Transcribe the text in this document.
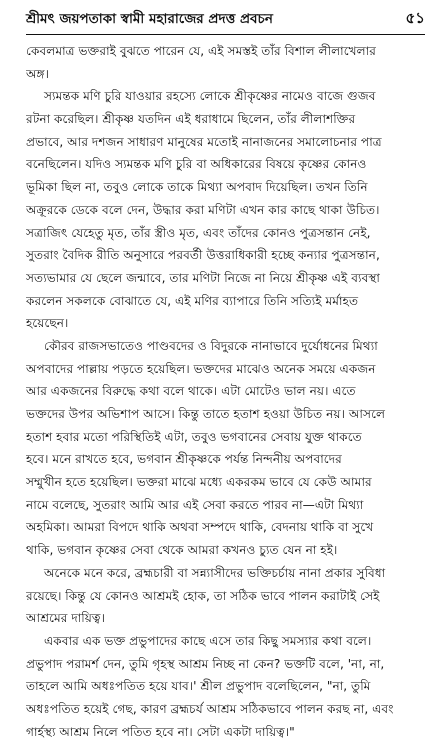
শ্রীমৎ জয়পতাকা স্বামী মহারাজের প্রদত্ত প্রবচন	৫১
কেবলমাত্র ভক্তরাই বুঝতে পারেন যে, এই সমস্তই তাঁর বিশাল লীলাখেলার
অঙ্গ।
স্যমন্তক মণি চুরি যাওয়ার রহস্যে লোকে শ্রীকৃষ্ণের নামেও বাজে গুজব
রটনা করেছিল। শ্রীকৃষ্ণ যতদিন এই ধরাধামে ছিলেন, তাঁর লীলাশক্তির
প্রভাবে, আর দশজন সাধারণ মানুষের মতোই নানাজনের সমালোচনার পাত্র
বনেছিলেন। যদিও স্যমন্তক মণি চুরি বা অধিকারের বিষয়ে কৃষ্ণের কোনও
ভূমিকা ছিল না, তবুও লোকে তাকে মিথ্যা অপবাদ দিয়েছিল। তখন তিনি
অক্রূরকে ডেকে বলে দেন, উদ্ধার করা মণিটা এখন কার কাছে থাকা উচিত।
সত্রাজিৎ যেহেতু মৃত, তাঁর স্ত্রীও মৃত, এবং তাঁদের কোনও পুত্রসন্তান নেই,
সুতরাং বৈদিক রীতি অনুসারে পরবর্তী উত্তরাধিকারী হচ্ছে কন্যার পুত্রসন্তান,
সত্যভামার যে ছেলে জন্মাবে, তার মণিটা নিজে না নিয়ে শ্রীকৃষ্ণ এই ব্যবস্থা
করলেন সকলকে বোঝাতে যে, এই মণির ব্যাপারে তিনি সত্যিই মর্মাহত
হয়েছেন।
কৌরব রাজসভাতেও পাণ্ডবদের ও বিদুরকে নানাভাবে দুর্যোধনের মিথ্যা
অপবাদের পাল্লায় পড়তে হয়েছিল। ভক্তদের মাঝেও অনেক সময়ে একজন
আর একজনের বিরুদ্ধে কথা বলে থাকে। এটা মোটেও ভাল নয়। এতে
ভক্তদের উপর অভিশাপ আসে। কিন্তু তাতে হতাশ হওয়া উচিত নয়। আসলে
হতাশ হবার মতো পরিস্থিতিই এটা, তবুও ভগবানের সেবায় যুক্ত থাকতে
হবে। মনে রাখতে হবে, ভগবান শ্রীকৃষ্ণকে পর্যন্ত নিন্দনীয় অপবাদের
সম্মুখীন হতে হয়েছিল। ভক্তরা মাঝে মধ্যে একরকম ভাবে যে কেউ আমার
নামে বলেছে, সুতরাং আমি আর এই সেবা করতে পারব না—এটা মিথ্যা
অহমিকা। আমরা বিপদে থাকি অথবা সম্পদে থাকি, বেদনায় থাকি বা সুখে
থাকি, ভগবান কৃষ্ণের সেবা থেকে আমরা কখনও চ্যুত যেন না হই।
অনেকে মনে করে, ব্রহ্মচারী বা সন্ন্যাসীদের ভক্তিচর্চায় নানা প্রকার সুবিধা
রয়েছে। কিন্তু যে কোনও আশ্রমই হোক, তা সঠিক ভাবে পালন করাটাই সেই
আশ্রমের দায়িত্ব।
একবার এক ভক্ত প্রভুপাদের কাছে এসে তার কিছু সমস্যার কথা বলে।
প্রভুপাদ পরামর্শ দেন, তুমি গৃহস্থ আশ্রম নিচ্ছ না কেন? ভক্তটি বলে, 'না, না,
তাহলে আমি অধঃপতিত হয়ে যাব।' শ্রীল প্রভুপাদ বলেছিলেন, "না, তুমি
অধঃপতিত হয়েই গেছ, কারণ ব্রহ্মচর্য আশ্রম সঠিকভাবে পালন করছ না, এবং
গার্হস্থ্য আশ্রম নিলে পতিত হবে না। সেটা একটা দায়িত্ব।"
